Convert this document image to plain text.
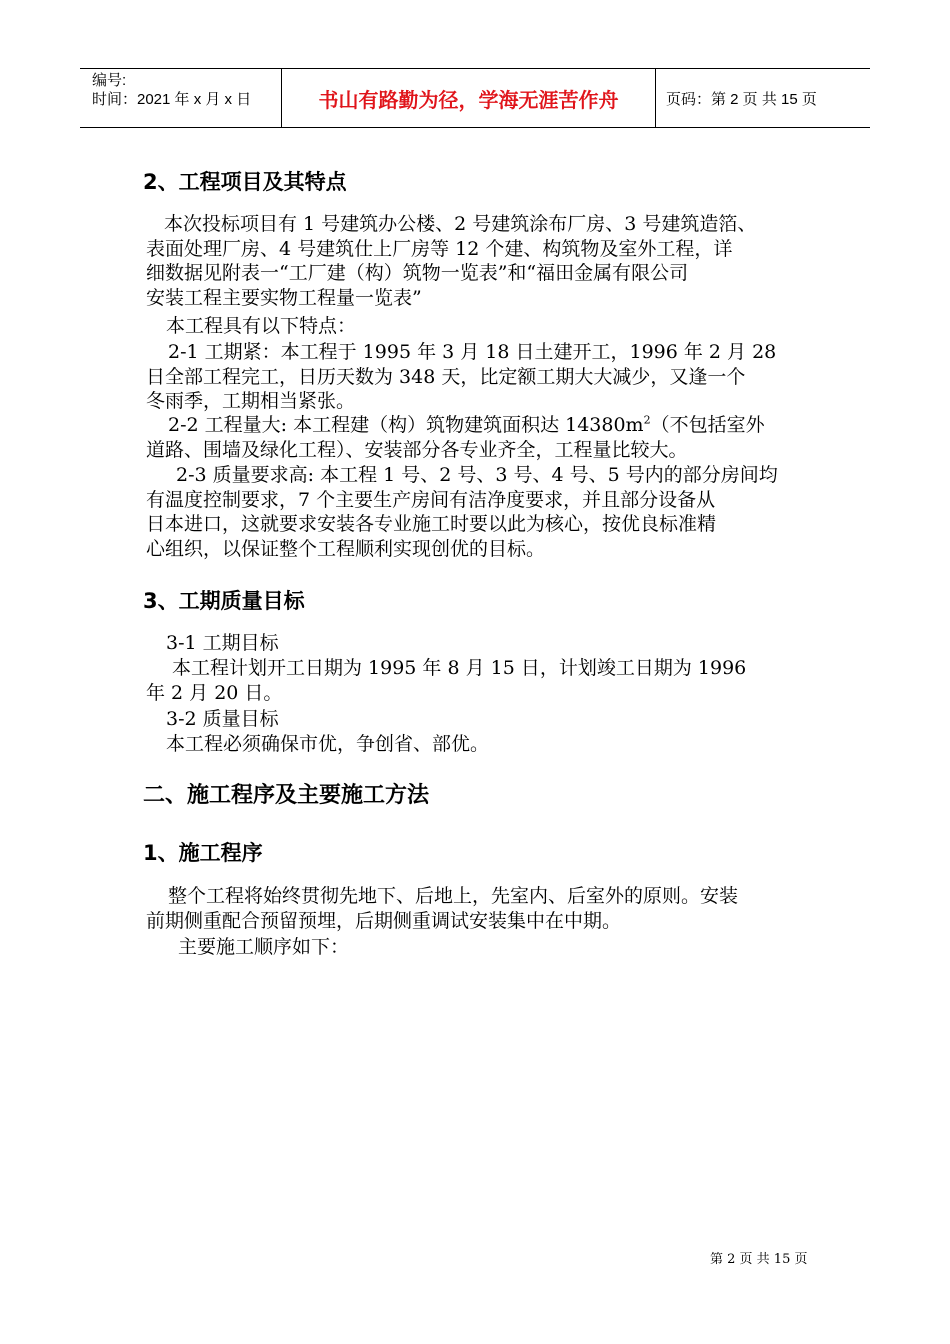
编号:
时间：2021 年 x 月 x 日	书山有路勤为径，学海无涯苦作舟	页码：第 2 页 共 15 页
2、工程项目及其特点
本次投标项目有 1 号建筑办公楼、2 号建筑涂布厂房、3 号建筑造箔、
表面处理厂房、4 号建筑仕上厂房等 12 个建、构筑物及室外工程，详
细数据见附表一“工厂建（构）筑物一览表”和“福田金属有限公司
安装工程主要实物工程量一览表”
本工程具有以下特点：
2-1 工期紧：本工程于 1995 年 3 月 18 日土建开工，1996 年 2 月 28
日全部工程完工，日历天数为 348 天，比定额工期大大减少，又逢一个
冬雨季，工期相当紧张。
2-2 工程量大: 本工程建（构）筑物建筑面积达 $14380m^2$（不包括室外
道路、围墙及绿化工程）、安装部分各专业齐全，工程量比较大。
2-3 质量要求高: 本工程 1 号、2 号、3 号、4 号、5 号内的部分房间均
有温度控制要求，7 个主要生产房间有洁净度要求，并且部分设备从
日本进口，这就要求安装各专业施工时要以此为核心，按优良标准精
心组织，以保证整个工程顺利实现创优的目标。
3、工期质量目标
3-1 工期目标
本工程计划开工日期为 1995 年 8 月 15 日，计划竣工日期为 1996
年 2 月 20 日。
3-2 质量目标
本工程必须确保市优，争创省、部优。
二、施工程序及主要施工方法
1、施工程序
整个工程将始终贯彻先地下、后地上，先室内、后室外的原则。安装
前期侧重配合预留预埋，后期侧重调试安装集中在中期。
主要施工顺序如下：
第 2 页 共 15 页
